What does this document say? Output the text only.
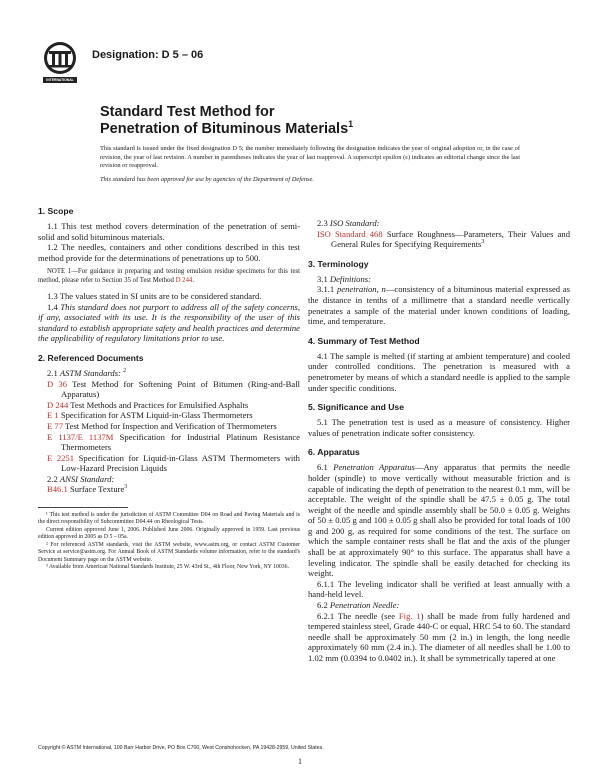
INTERNATIONAL
Designation: D 5 – 06
Standard Test Method for
Penetration of Bituminous Materials$^1$
This standard is issued under the fixed designation D 5; the number immediately following the designation indicates the year of original adoption or, in the case of revision, the year of last revision. A number in parentheses indicates the year of last reapproval. A superscript epsilon (ε) indicates an editorial change since the last revision or reapproval.
This standard has been approved for use by agencies of the Department of Defense.
1. Scope

1.1 This test method covers determination of the penetration of semi-solid and solid bituminous materials.

1.2 The needles, containers and other conditions described in this test method provide for the determinations of penetrations up to 500.

NOTE 1—For guidance in preparing and testing emulsion residue specimens for this test method, please refer to Section 35 of Test Method D 244.

1.3 The values stated in SI units are to be considered standard.

1.4 This standard does not purport to address all of the safety concerns, if any, associated with its use. It is the responsibility of the user of this standard to establish appropriate safety and health practices and determine the applicability of regulatory limitations prior to use.

2. Referenced Documents

2.1 ASTM Standards: $^2$

D 36 Test Method for Softening Point of Bitumen (Ring-and-Ball Apparatus)
D 244 Test Methods and Practices for Emulsified Asphalts
E 1 Specification for ASTM Liquid-in-Glass Thermometers
E 77 Test Method for Inspection and Verification of Thermometers
E 1137/E 1137M Specification for Industrial Platinum Resistance Thermometers
E 2251 Specification for Liquid-in-Glass ASTM Thermometers with Low-Hazard Precision Liquids

2.2 ANSI Standard:

B46.1 Surface Texture$^3$
¹ This test method is under the jurisdiction of ASTM Committee D04 on Road and Paving Materials and is the direct responsibility of Subcommittee D04.44 on Rheological Tests.
Current edition approved June 1, 2006. Published June 2006. Originally approved in 1959. Last previous edition approved in 2005 as D 5 – 05a.
² For referenced ASTM standards, visit the ASTM website, www.astm.org, or contact ASTM Customer Service at service@astm.org. For Annual Book of ASTM Standards volume information, refer to the standard's Document Summary page on the ASTM website.
³ Available from American National Standards Institute, 25 W. 43rd St., 4th Floor, New York, NY 10036.

2.3 ISO Standard:

ISO Standard 468 Surface Roughness—Parameters, Their Values and General Rules for Specifying Requirements$^3$
3. Terminology

3.1 Definitions:

3.1.1 penetration, n—consistency of a bituminous material expressed as the distance in tenths of a millimetre that a standard needle vertically penetrates a sample of the material under known conditions of loading, time, and temperature.

4. Summary of Test Method

4.1 The sample is melted (if starting at ambient temperature) and cooled under controlled conditions. The penetration is measured with a penetrometer by means of which a standard needle is applied to the sample under specific conditions.

5. Significance and Use

5.1 The penetration test is used as a measure of consistency. Higher values of penetration indicate softer consistency.

6. Apparatus

6.1 Penetration Apparatus—Any apparatus that permits the needle holder (spindle) to move vertically without measurable friction and is capable of indicating the depth of penetration to the nearest 0.1 mm, will be acceptable. The weight of the spindle shall be 47.5 ± 0.05 g. The total weight of the needle and spindle assembly shall be 50.0 ± 0.05 g. Weights of 50 ± 0.05 g and 100 ± 0.05 g shall also be provided for total loads of 100 g and 200 g, as required for some conditions of the test. The surface on which the sample container rests shall be flat and the axis of the plunger shall be at approximately 90° to this surface. The apparatus shall have a leveling indicator. The spindle shall be easily detached for checking its weight.

6.1.1 The leveling indicator shall be verified at least annually with a hand-held level.

6.2 Penetration Needle:

6.2.1 The needle (see Fig. 1) shall be made from fully hardened and tempered stainless steel, Grade 440-C or equal, HRC 54 to 60. The standard needle shall be approximately 50 mm (2 in.) in length, the long needle approximately 60 mm (2.4 in.). The diameter of all needles shall be 1.00 to 1.02 mm (0.0394 to 0.0402 in.). It shall be symmetrically tapered at one

Copyright © ASTM International, 100 Barr Harbor Drive, PO Box C700, West Conshohocken, PA 19428-2959, United States.
1
